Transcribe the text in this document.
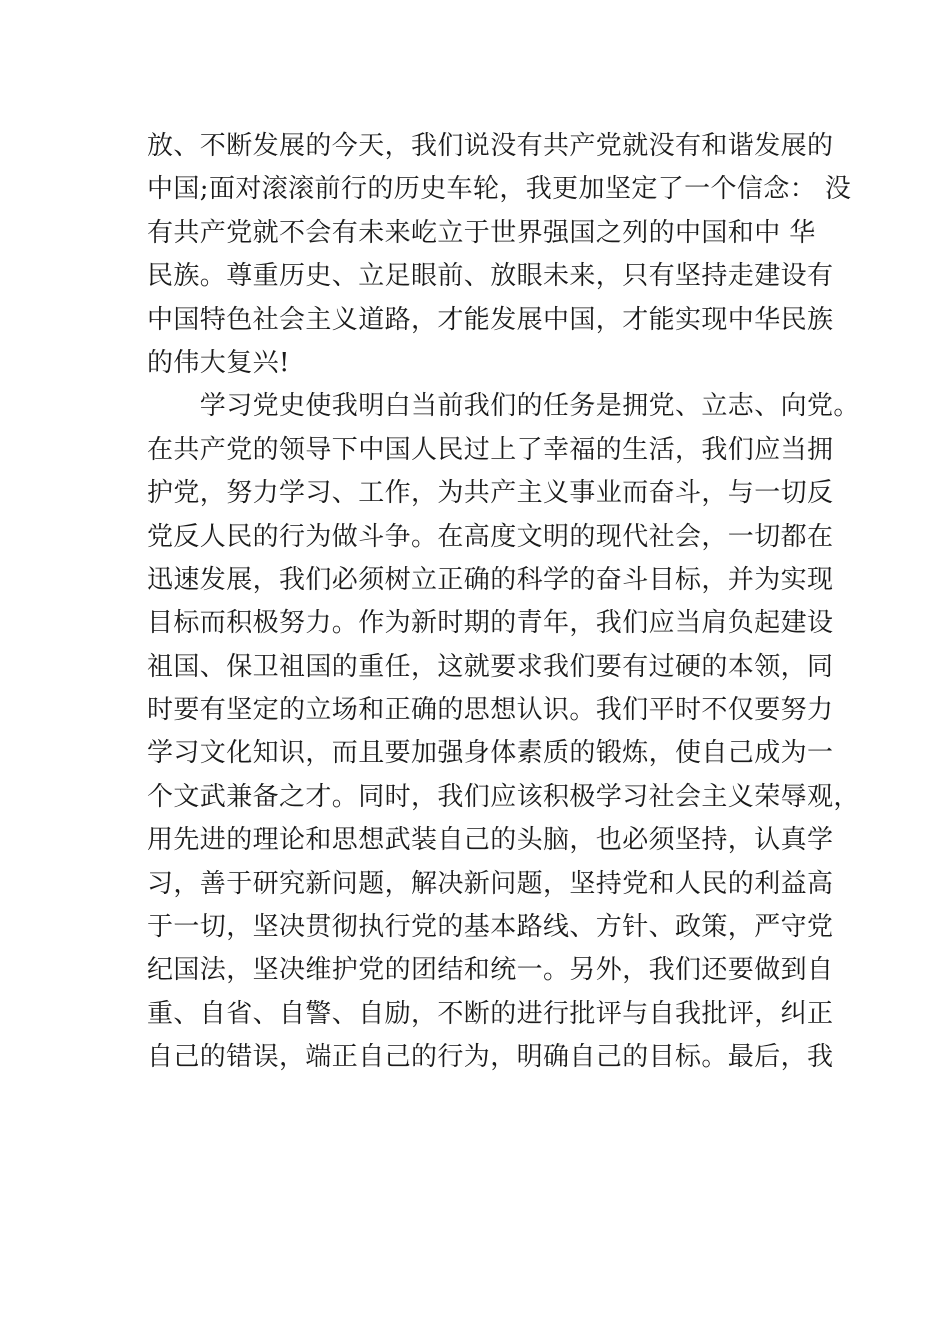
放、不断发展的今天，我们说没有共产党就没有和谐发展的
中国;面对滚滚前行的历史车轮，我更加坚定了一个信念： 没
有共产党就不会有未来屹立于世界强国之列的中国和中 华
民族。尊重历史、立足眼前、放眼未来，只有坚持走建设有
中国特色社会主义道路，才能发展中国，才能实现中华民族
的伟大复兴!
　　学习党史使我明白当前我们的任务是拥党、立志、向党。
在共产党的领导下中国人民过上了幸福的生活，我们应当拥
护党，努力学习、工作，为共产主义事业而奋斗，与一切反
党反人民的行为做斗争。在高度文明的现代社会，一切都在
迅速发展，我们必须树立正确的科学的奋斗目标，并为实现
目标而积极努力。作为新时期的青年，我们应当肩负起建设
祖国、保卫祖国的重任，这就要求我们要有过硬的本领，同
时要有坚定的立场和正确的思想认识。我们平时不仅要努力
学习文化知识，而且要加强身体素质的锻炼，使自己成为一
个文武兼备之才。同时，我们应该积极学习社会主义荣辱观，
用先进的理论和思想武装自己的头脑，也必须坚持，认真学
习，善于研究新问题，解决新问题，坚持党和人民的利益高
于一切，坚决贯彻执行党的基本路线、方针、政策，严守党
纪国法，坚决维护党的团结和统一。另外，我们还要做到自
重、自省、自警、自励，不断的进行批评与自我批评，纠正
自己的错误，端正自己的行为，明确自己的目标。最后，我
